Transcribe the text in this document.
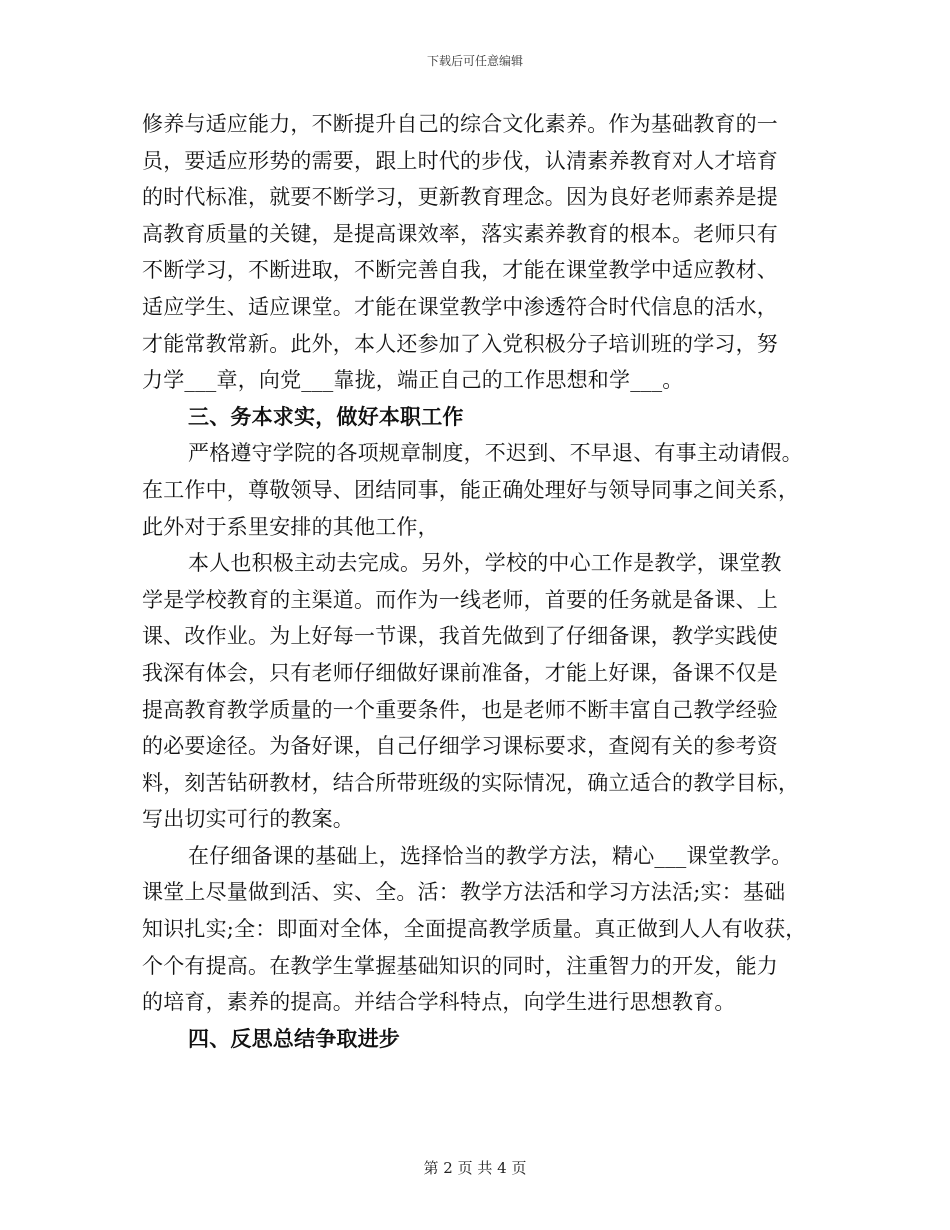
下载后可任意编辑
修养与适应能力，不断提升自己的综合文化素养。作为基础教育的一
员，要适应形势的需要，跟上时代的步伐，认清素养教育对人才培育
的时代标准，就要不断学习，更新教育理念。因为良好老师素养是提
高教育质量的关键，是提高课效率，落实素养教育的根本。老师只有
不断学习，不断进取，不断完善自我，才能在课堂教学中适应教材、
适应学生、适应课堂。才能在课堂教学中渗透符合时代信息的活水，
才能常教常新。此外，本人还参加了入党积极分子培训班的学习，努
力学___章，向党___靠拢，端正自己的工作思想和学___。
三、务本求实，做好本职工作
严格遵守学院的各项规章制度，不迟到、不早退、有事主动请假。
在工作中，尊敬领导、团结同事，能正确处理好与领导同事之间关系，
此外对于系里安排的其他工作，
本人也积极主动去完成。另外，学校的中心工作是教学，课堂教
学是学校教育的主渠道。而作为一线老师，首要的任务就是备课、上
课、改作业。为上好每一节课，我首先做到了仔细备课，教学实践使
我深有体会，只有老师仔细做好课前准备，才能上好课，备课不仅是
提高教育教学质量的一个重要条件，也是老师不断丰富自己教学经验
的必要途径。为备好课，自己仔细学习课标要求，查阅有关的参考资
料，刻苦钻研教材，结合所带班级的实际情况，确立适合的教学目标，
写出切实可行的教案。
在仔细备课的基础上，选择恰当的教学方法，精心___课堂教学。
课堂上尽量做到活、实、全。活：教学方法活和学习方法活;实：基础
知识扎实;全：即面对全体，全面提高教学质量。真正做到人人有收获，
个个有提高。在教学生掌握基础知识的同时，注重智力的开发，能力
的培育，素养的提高。并结合学科特点，向学生进行思想教育。
四、反思总结争取进步
第 2 页 共 4 页
